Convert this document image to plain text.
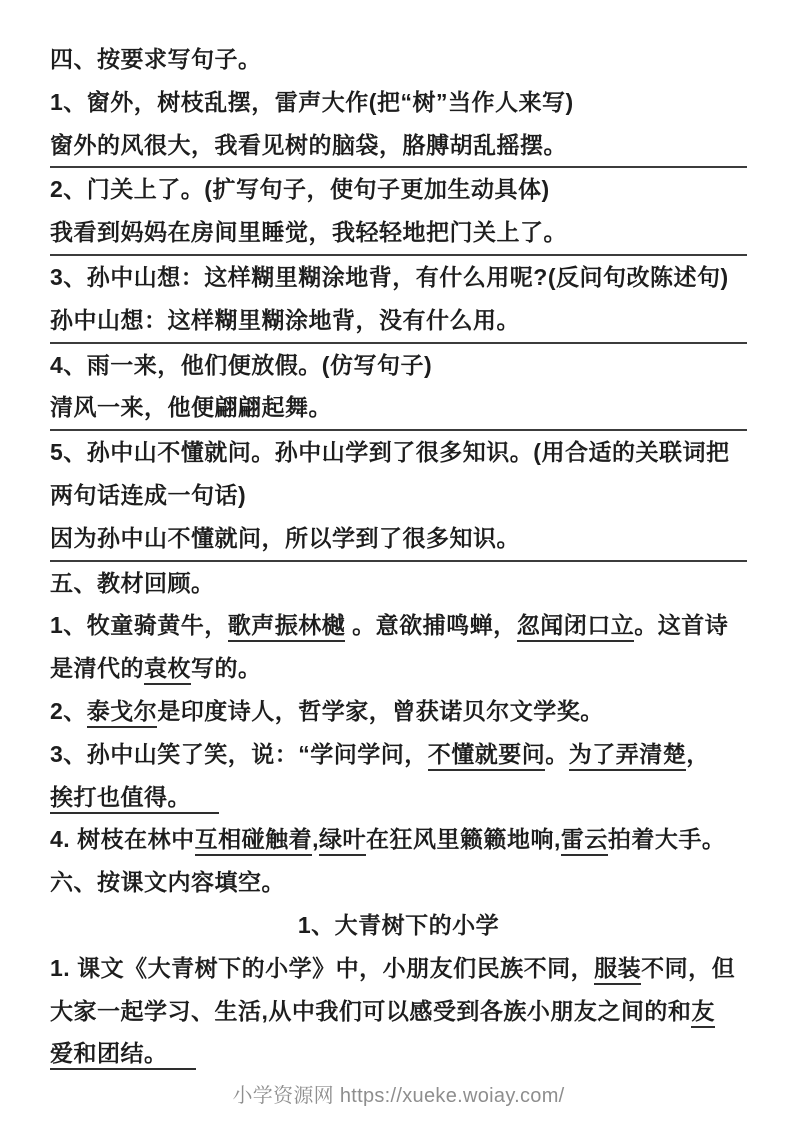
四、按要求写句子。

1、窗外，树枝乱摆，雷声大作(把“树”当作人来写)

窗外的风很大，我看见树的脑袋，胳膊胡乱摇摆。

2、门关上了。(扩写句子，使句子更加生动具体)

我看到妈妈在房间里睡觉，我轻轻地把门关上了。

3、孙中山想：这样糊里糊涂地背，有什么用呢?(反问句改陈述句)

孙中山想：这样糊里糊涂地背，没有什么用。

4、雨一来，他们便放假。(仿写句子)

清风一来，他便翩翩起舞。

5、孙中山不懂就问。孙中山学到了很多知识。(用合适的关联词把

两句话连成一句话)

因为孙中山不懂就问，所以学到了很多知识。

五、教材回顾。

1、牧童骑黄牛，歌声振林樾 。意欲捕鸣蝉，忽闻闭口立。这首诗

是清代的袁枚写的。

2、泰戈尔是印度诗人，哲学家，曾获诺贝尔文学奖。

3、孙中山笑了笑，说：“学问学问，不懂就要问。为了弄清楚，

挨打也值得。

4. 树枝在林中互相碰触着,绿叶在狂风里籁籁地响,雷云拍着大手。

六、按课文内容填空。

1、大青树下的小学

1. 课文《大青树下的小学》中，小朋友们民族不同，服装不同，但

大家一起学习、生活,从中我们可以感受到各族小朋友之间的和友

爱和团结。

小学资源网 https://xueke.woiay.com/
